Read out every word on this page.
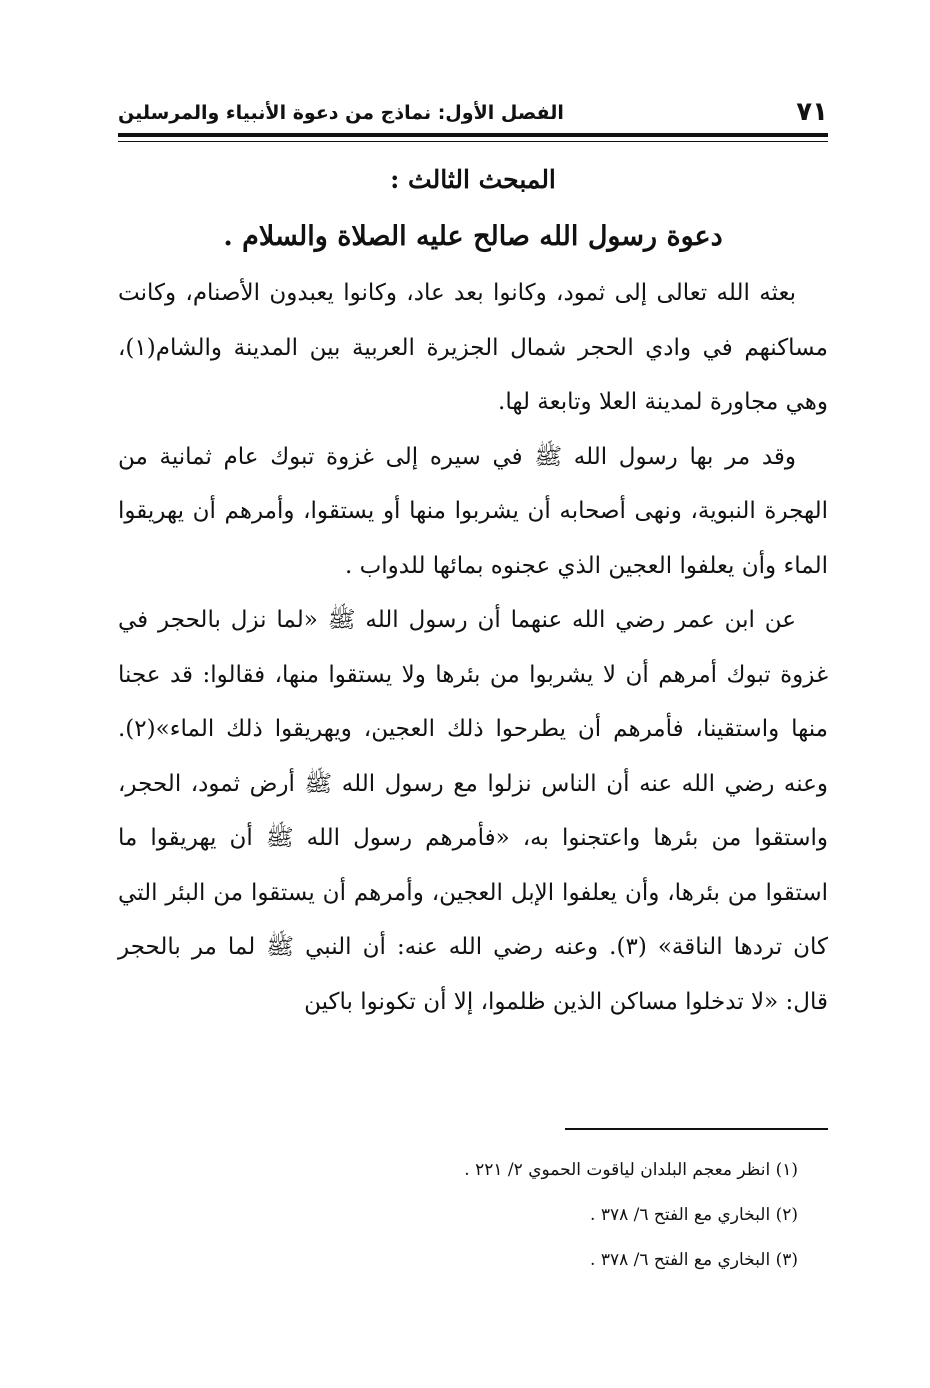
٧١
الفصل الأول: نماذج من دعوة الأنبياء والمرسلين
المبحث الثالث :
دعوة رسول الله صالح عليه الصلاة والسلام .

بعثه الله تعالى إلى ثمود، وكانوا بعد عاد، وكانوا يعبدون الأصنام، وكانت مساكنهم في وادي الحجر شمال الجزيرة العربية بين المدينة والشام(١)، وهي مجاورة لمدينة العلا وتابعة لها.

وقد مر بها رسول الله ﷺ في سيره إلى غزوة تبوك عام ثمانية من الهجرة النبوية، ونهى أصحابه أن يشربوا منها أو يستقوا، وأمرهم أن يهريقوا الماء وأن يعلفوا العجين الذي عجنوه بمائها للدواب .

عن ابن عمر رضي الله عنهما أن رسول الله ﷺ «لما نزل بالحجر في غزوة تبوك أمرهم أن لا يشربوا من بئرها ولا يستقوا منها، فقالوا: قد عجنا منها واستقينا، فأمرهم أن يطرحوا ذلك العجين، ويهريقوا ذلك الماء»(٢). وعنه رضي الله عنه أن الناس نزلوا مع رسول الله ﷺ أرض ثمود، الحجر، واستقوا من بئرها واعتجنوا به، «فأمرهم رسول الله ﷺ أن يهريقوا ما استقوا من بئرها، وأن يعلفوا الإبل العجين، وأمرهم أن يستقوا من البئر التي كان تردها الناقة» (٣). وعنه رضي الله عنه: أن النبي ﷺ لما مر بالحجر قال: «لا تدخلوا مساكن الذين ظلموا، إلا أن تكونوا باكين

(١) انظر معجم البلدان لياقوت الحموي ٢/ ٢٢١ .
(٢) البخاري مع الفتح ٦/ ٣٧٨ .
(٣) البخاري مع الفتح ٦/ ٣٧٨ .
